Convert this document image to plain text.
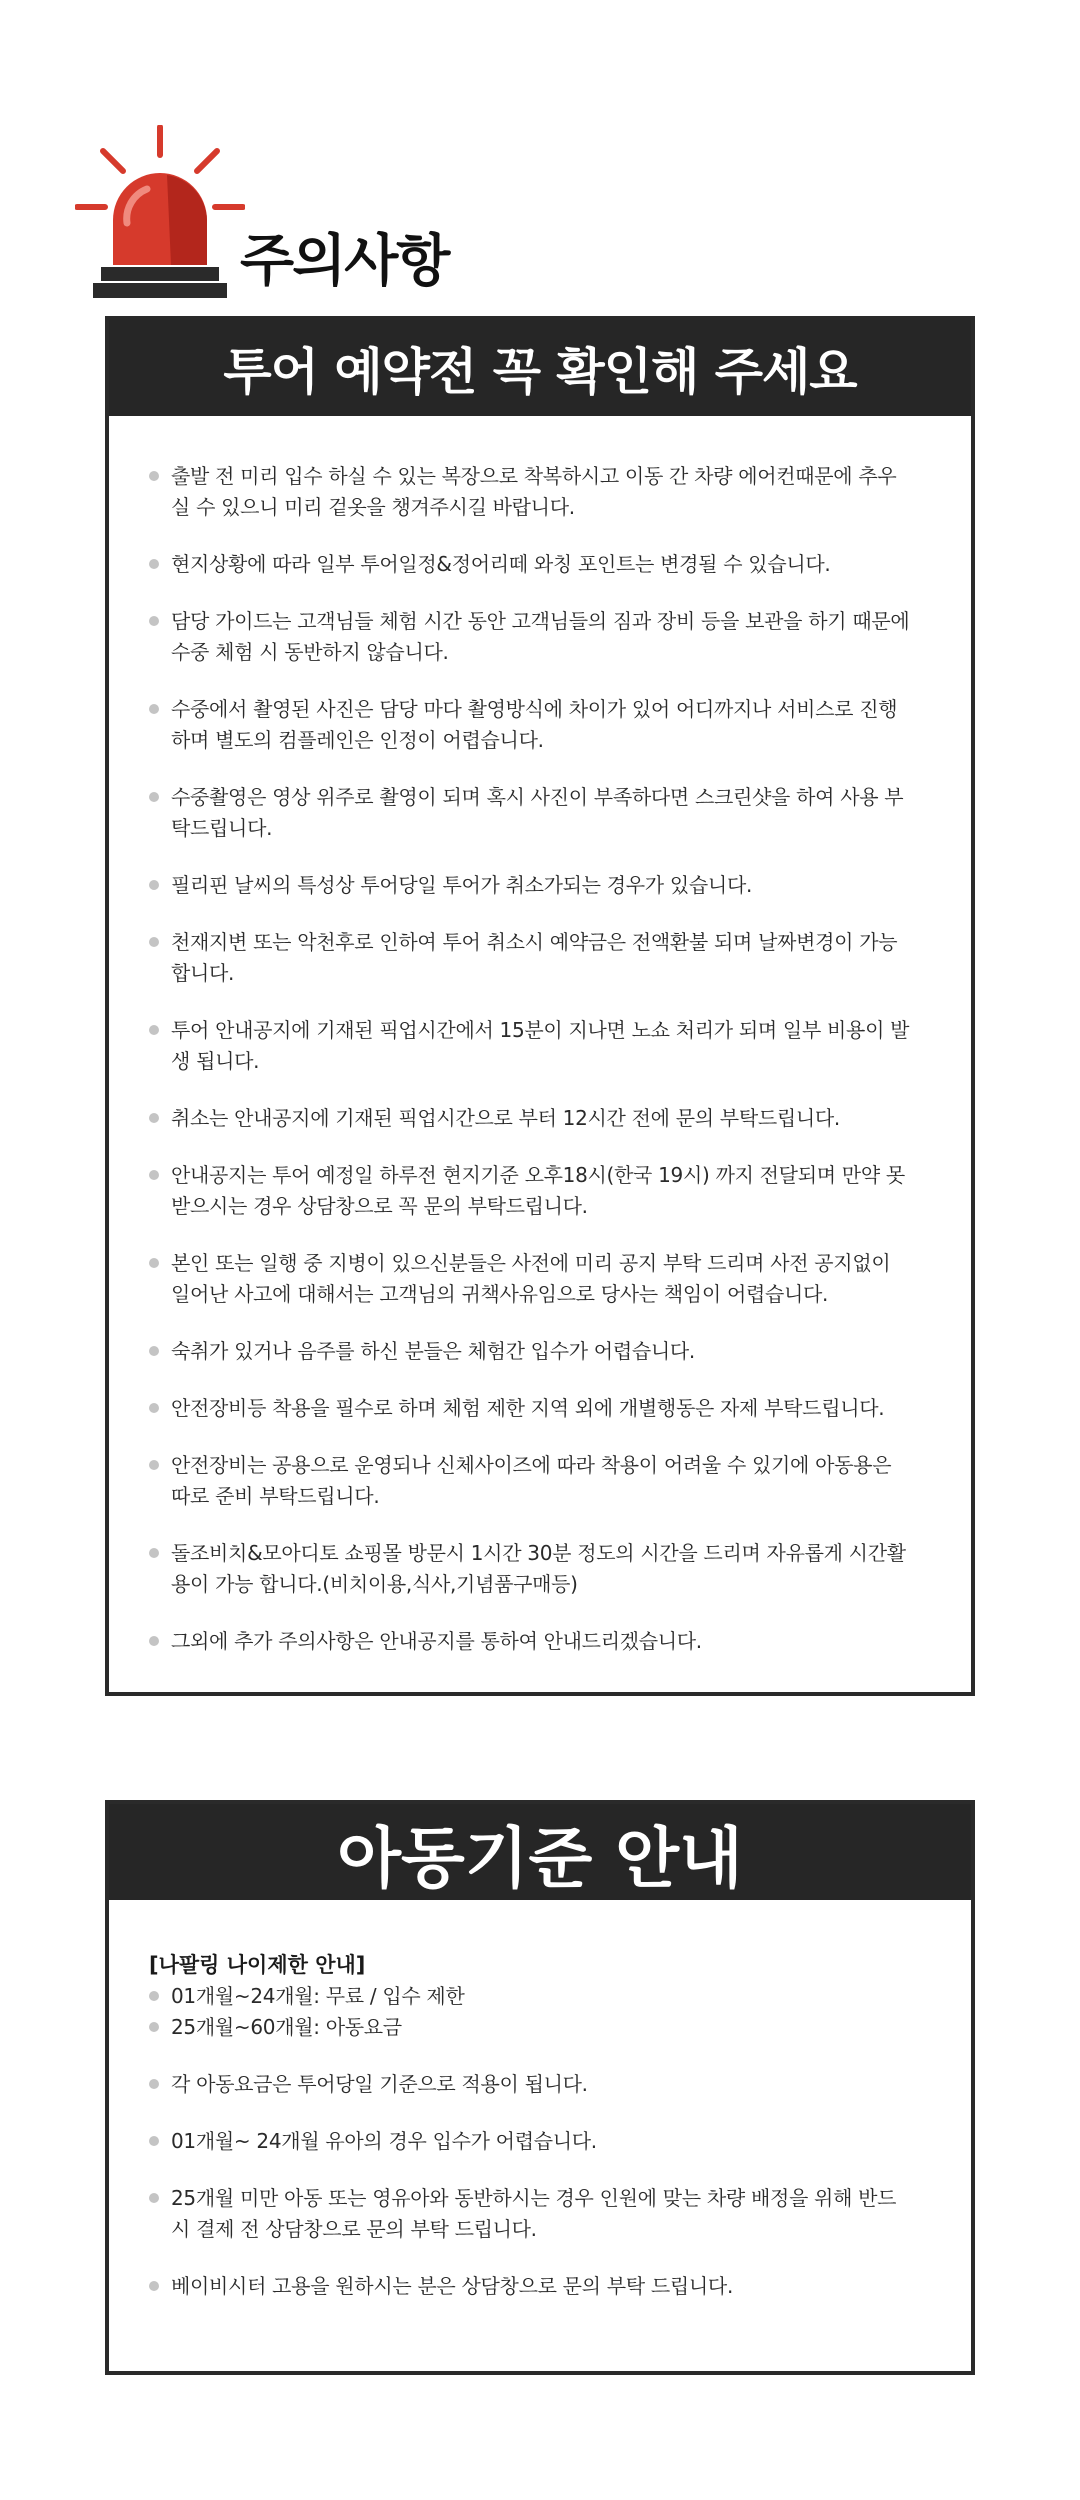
주의사항
투어 예약전 꼭 확인해 주세요
출발 전 미리 입수 하실 수 있는 복장으로 착복하시고 이동 간 차량 에어컨때문에 추우실 수 있으니 미리 겉옷을 챙겨주시길 바랍니다.
현지상황에 따라 일부 투어일정&정어리떼 와칭 포인트는 변경될 수 있습니다.
담당 가이드는 고객님들 체험 시간 동안 고객님들의 짐과 장비 등을 보관을 하기 때문에 수중 체험 시 동반하지 않습니다.
수중에서 촬영된 사진은 담당 마다 촬영방식에 차이가 있어 어디까지나 서비스로 진행하며 별도의 컴플레인은 인정이 어렵습니다.
수중촬영은 영상 위주로 촬영이 되며 혹시 사진이 부족하다면 스크린샷을 하여 사용 부탁드립니다.
필리핀 날씨의 특성상 투어당일 투어가 취소가되는 경우가 있습니다.
천재지변 또는 악천후로 인하여 투어 취소시 예약금은 전액환불 되며 날짜변경이 가능합니다.
투어 안내공지에 기재된 픽업시간에서 15분이 지나면 노쇼 처리가 되며 일부 비용이 발생 됩니다.
취소는 안내공지에 기재된 픽업시간으로 부터 12시간 전에 문의 부탁드립니다.
안내공지는 투어 예정일 하루전 현지기준 오후18시(한국 19시) 까지 전달되며 만약 못받으시는 경우 상담창으로 꼭 문의 부탁드립니다.
본인 또는 일행 중 지병이 있으신분들은 사전에 미리 공지 부탁 드리며 사전 공지없이 일어난 사고에 대해서는 고객님의 귀책사유임으로 당사는 책임이 어렵습니다.
숙취가 있거나 음주를 하신 분들은 체험간 입수가 어렵습니다.
안전장비등 착용을 필수로 하며 체험 제한 지역 외에 개별행동은 자제 부탁드립니다.
안전장비는 공용으로 운영되나 신체사이즈에 따라 착용이 어려울 수 있기에 아동용은 따로 준비 부탁드립니다.
돌조비치&모아디토 쇼핑몰 방문시 1시간 30분 정도의 시간을 드리며 자유롭게 시간활용이 가능 합니다.(비치이용,식사,기념품구매등)
그외에 추가 주의사항은 안내공지를 통하여 안내드리겠습니다.
아동기준 안내
[나팔링 나이제한 안내]
01개월~24개월: 무료 / 입수 제한
25개월~60개월: 아동요금
각 아동요금은 투어당일 기준으로 적용이 됩니다.
01개월~ 24개월 유아의 경우 입수가 어렵습니다.
25개월 미만 아동 또는 영유아와 동반하시는 경우 인원에 맞는 차량 배정을 위해 반드시 결제 전 상담창으로 문의 부탁 드립니다.
베이비시터 고용을 원하시는 분은 상담창으로 문의 부탁 드립니다.
